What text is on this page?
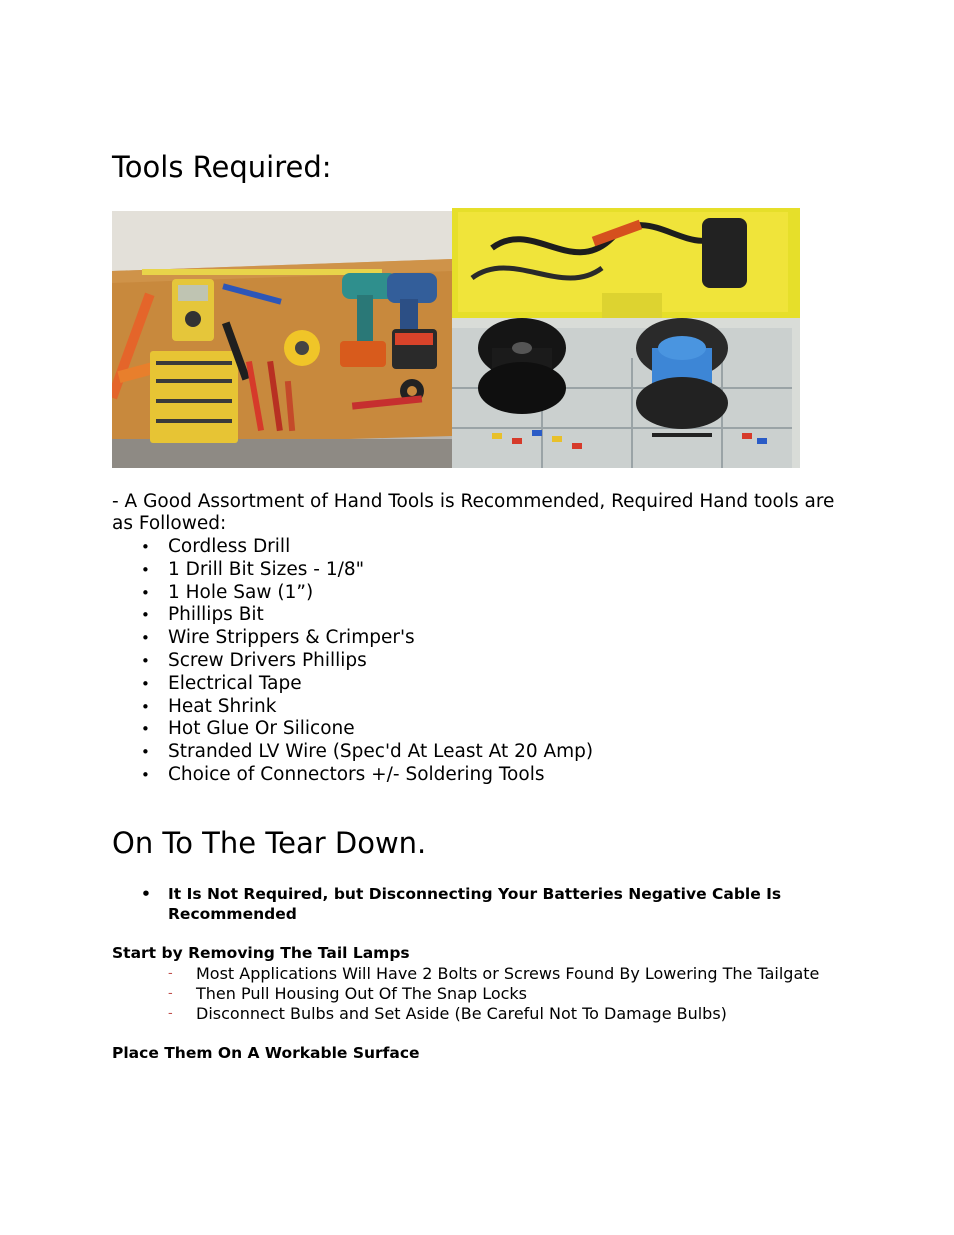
Tools Required:

- A Good Assortment of Hand Tools is Recommended, Required Hand tools are as Followed:

• Cordless Drill
• 1 Drill Bit Sizes - 1/8"
• 1 Hole Saw (1”)
• Phillips Bit
• Wire Strippers & Crimper's
• Screw Drivers Phillips
• Electrical Tape
• Heat Shrink
• Hot Glue Or Silicone
• Stranded LV Wire (Spec'd At Least At 20 Amp)
• Choice of Connectors +/- Soldering Tools
On To The Tear Down.
• It Is Not Required, but Disconnecting Your Batteries Negative Cable Is Recommended

Start by Removing The Tail Lamps

- Most Applications Will Have 2 Bolts or Screws Found By Lowering The Tailgate
- Then Pull Housing Out Of The Snap Locks
- Disconnect Bulbs and Set Aside (Be Careful Not To Damage Bulbs)

Place Them On A Workable Surface
